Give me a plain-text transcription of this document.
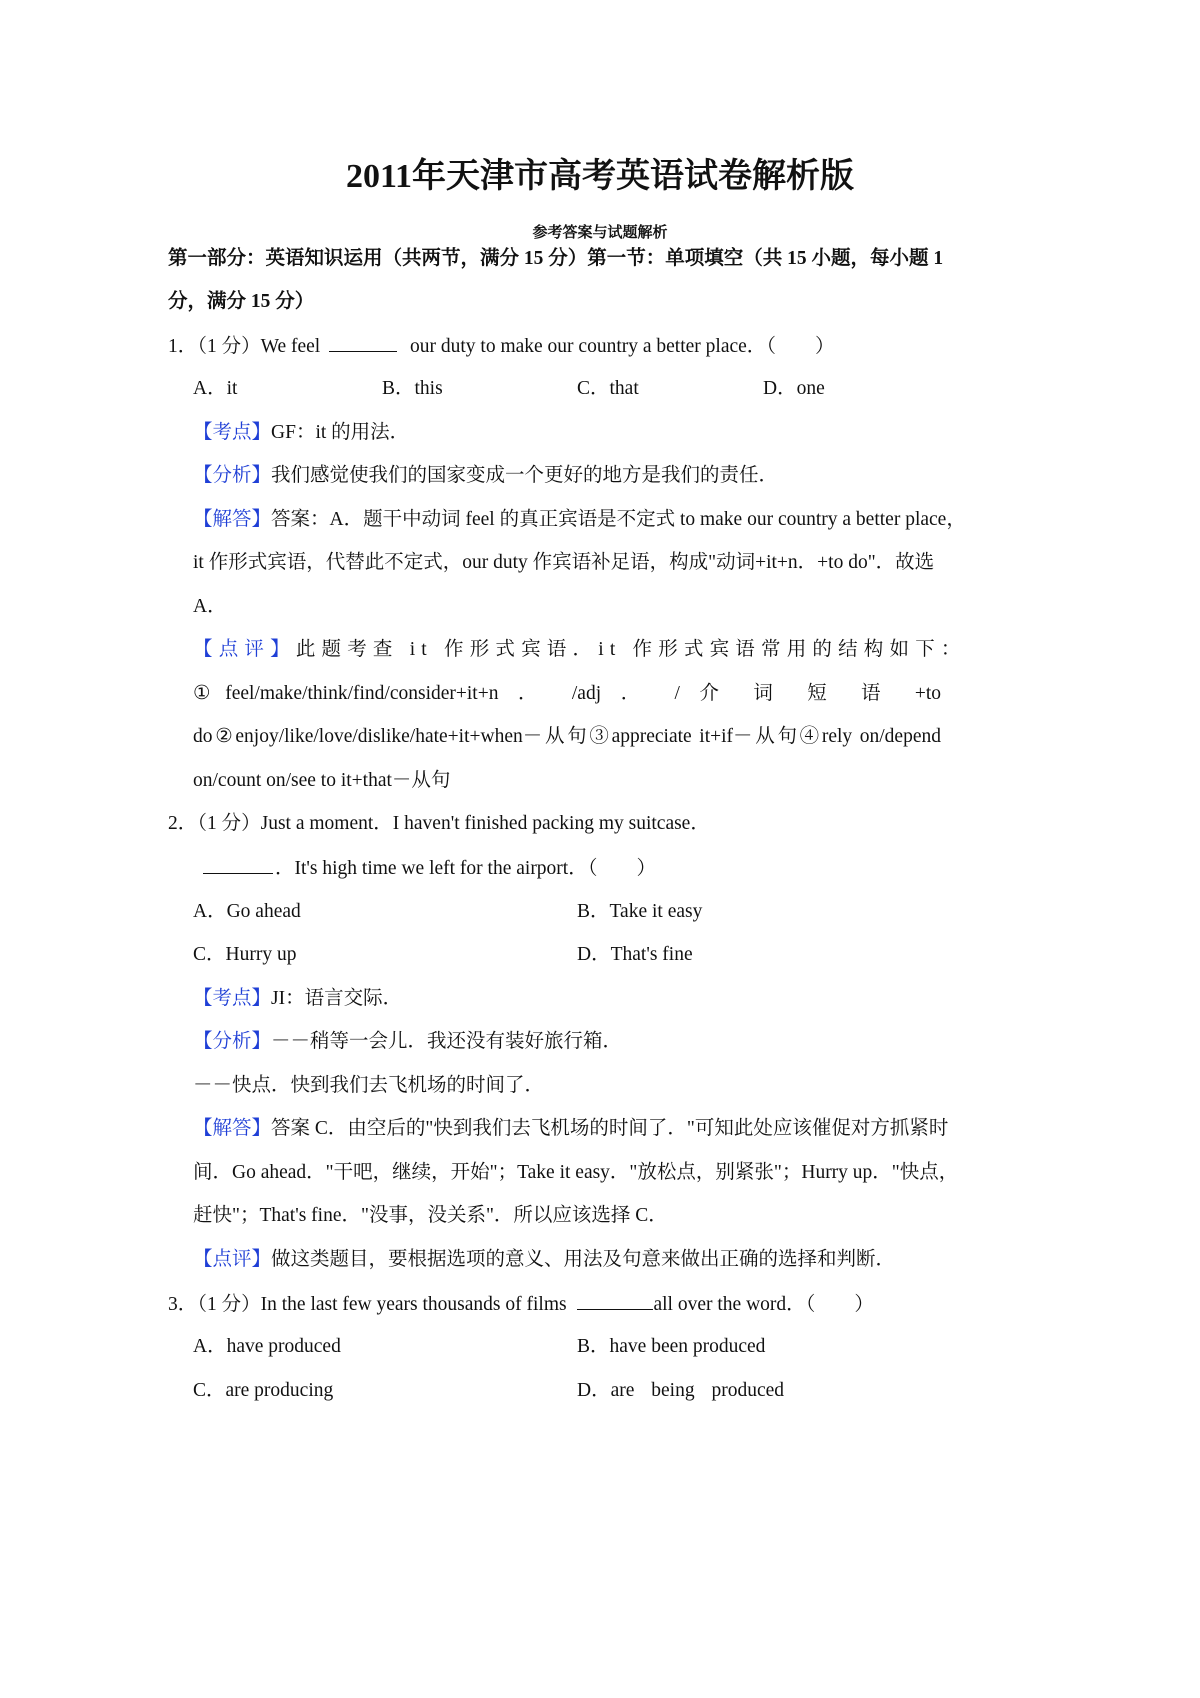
2011年天津市高考英语试卷解析版
参考答案与试题解析
第一部分：英语知识运用（共两节，满分 15 分）第一节：单项填空（共 15 小题，每小题 1
分，满分 15 分）
1．（1 分）We feel	our duty to make our country a better place．（　　）
A．it	B．this	C．that	D．one
【考点】GF：it 的用法．
【分析】我们感觉使我们的国家变成一个更好的地方是我们的责任．
【解答】答案：A．题干中动词 feel 的真正宾语是不定式 to make our country a better place，
it 作形式宾语，代替此不定式，our duty 作宾语补足语，构成"动词+it+n．+to do"．故选
A．
【点评】此题考查 it 作形式宾语．it 作形式宾语常用的结构如下：
①feel/make/think/find/consider+it+n ． /adj ． / 介 词 短 语 +to
do②enjoy/like/love/dislike/hate+it+when－从句③appreciate it+if－从句④rely on/depend
on/count on/see to it+that－从句
2．（1 分）Just a moment．I haven't finished packing my suitcase．
．It's high time we left for the airport．（　　）
A．Go ahead	B．Take it easy
C．Hurry up	D．That's fine
【考点】JI：语言交际．
【分析】－－稍等一会儿．我还没有装好旅行箱．
－－快点．快到我们去飞机场的时间了．
【解答】答案 C．由空后的"快到我们去飞机场的时间了．"可知此处应该催促对方抓紧时
间．Go ahead．"干吧，继续，开始"；Take it easy．"放松点，别紧张"；Hurry up．"快点，
赶快"；That's fine．"没事，没关系"．所以应该选择 C．
【点评】做这类题目，要根据选项的意义、用法及句意来做出正确的选择和判断．
3．（1 分）In the last few years thousands of films	all over the word．（　　）
A．have produced	B．have been produced
C．are producing	D．are being produced
